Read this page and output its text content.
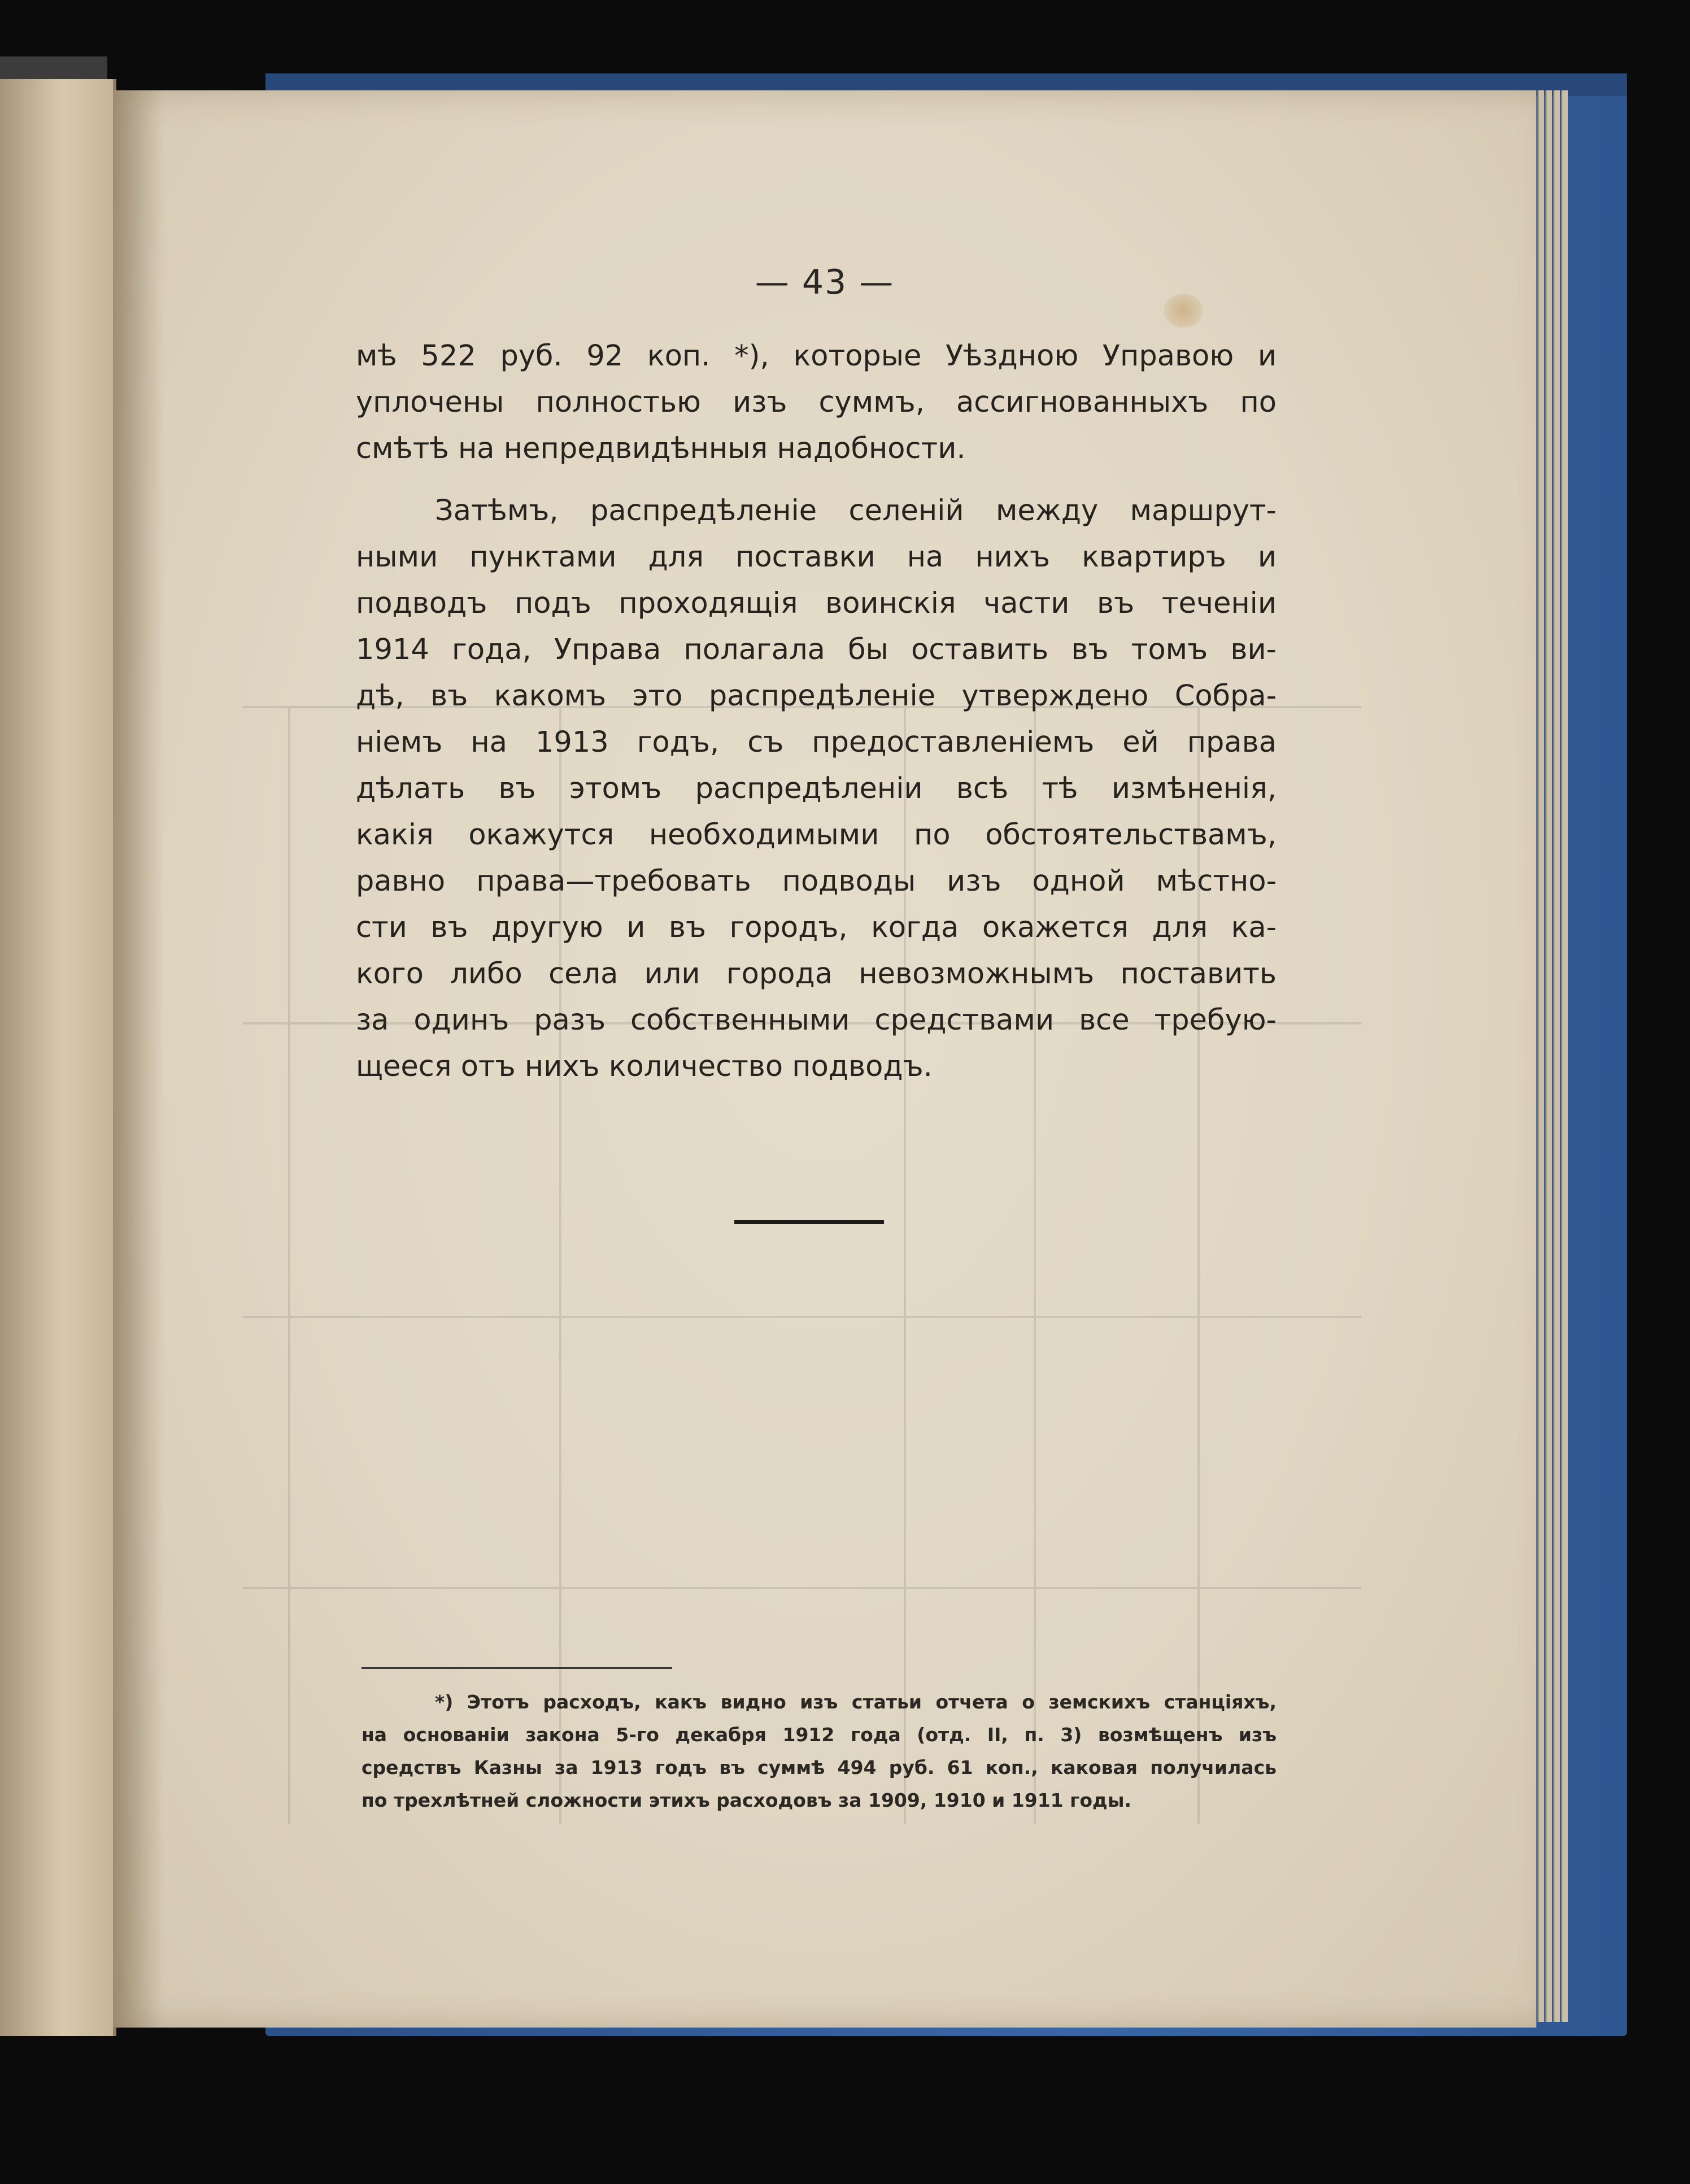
— 43 —
мѣ 522 руб. 92 коп. *), которые Уѣздною Управою и
уплочены полностью изъ суммъ, ассигнованныхъ по
смѣтѣ на непредвидѣнныя надобности.
Затѣмъ, распредѣленіе селеній между маршрут-
ными пунктами для поставки на нихъ квартиръ и
подводъ подъ проходящія воинскія части въ теченіи
1914 года, Управа полагала бы оставить въ томъ ви-
дѣ, въ какомъ это распредѣленіе утверждено Собра-
ніемъ на 1913 годъ, съ предоставленіемъ ей права
дѣлать въ этомъ распредѣленіи всѣ тѣ измѣненія,
какія окажутся необходимыми по обстоятельствамъ,
равно права—требовать подводы изъ одной мѣстно-
сти въ другую и въ городъ, когда окажется для ка-
кого либо села или города невозможнымъ поставить
за одинъ разъ собственными средствами все требую-
щееся отъ нихъ количество подводъ.
*) Этотъ расходъ, какъ видно изъ статьи отчета о земскихъ станціяхъ,
на основаніи закона 5-го декабря 1912 года (отд. II, п. 3) возмѣщенъ изъ
средствъ Казны за 1913 годъ въ суммѣ 494 руб. 61 коп., каковая получилась
по трехлѣтней сложности этихъ расходовъ за 1909, 1910 и 1911 годы.
